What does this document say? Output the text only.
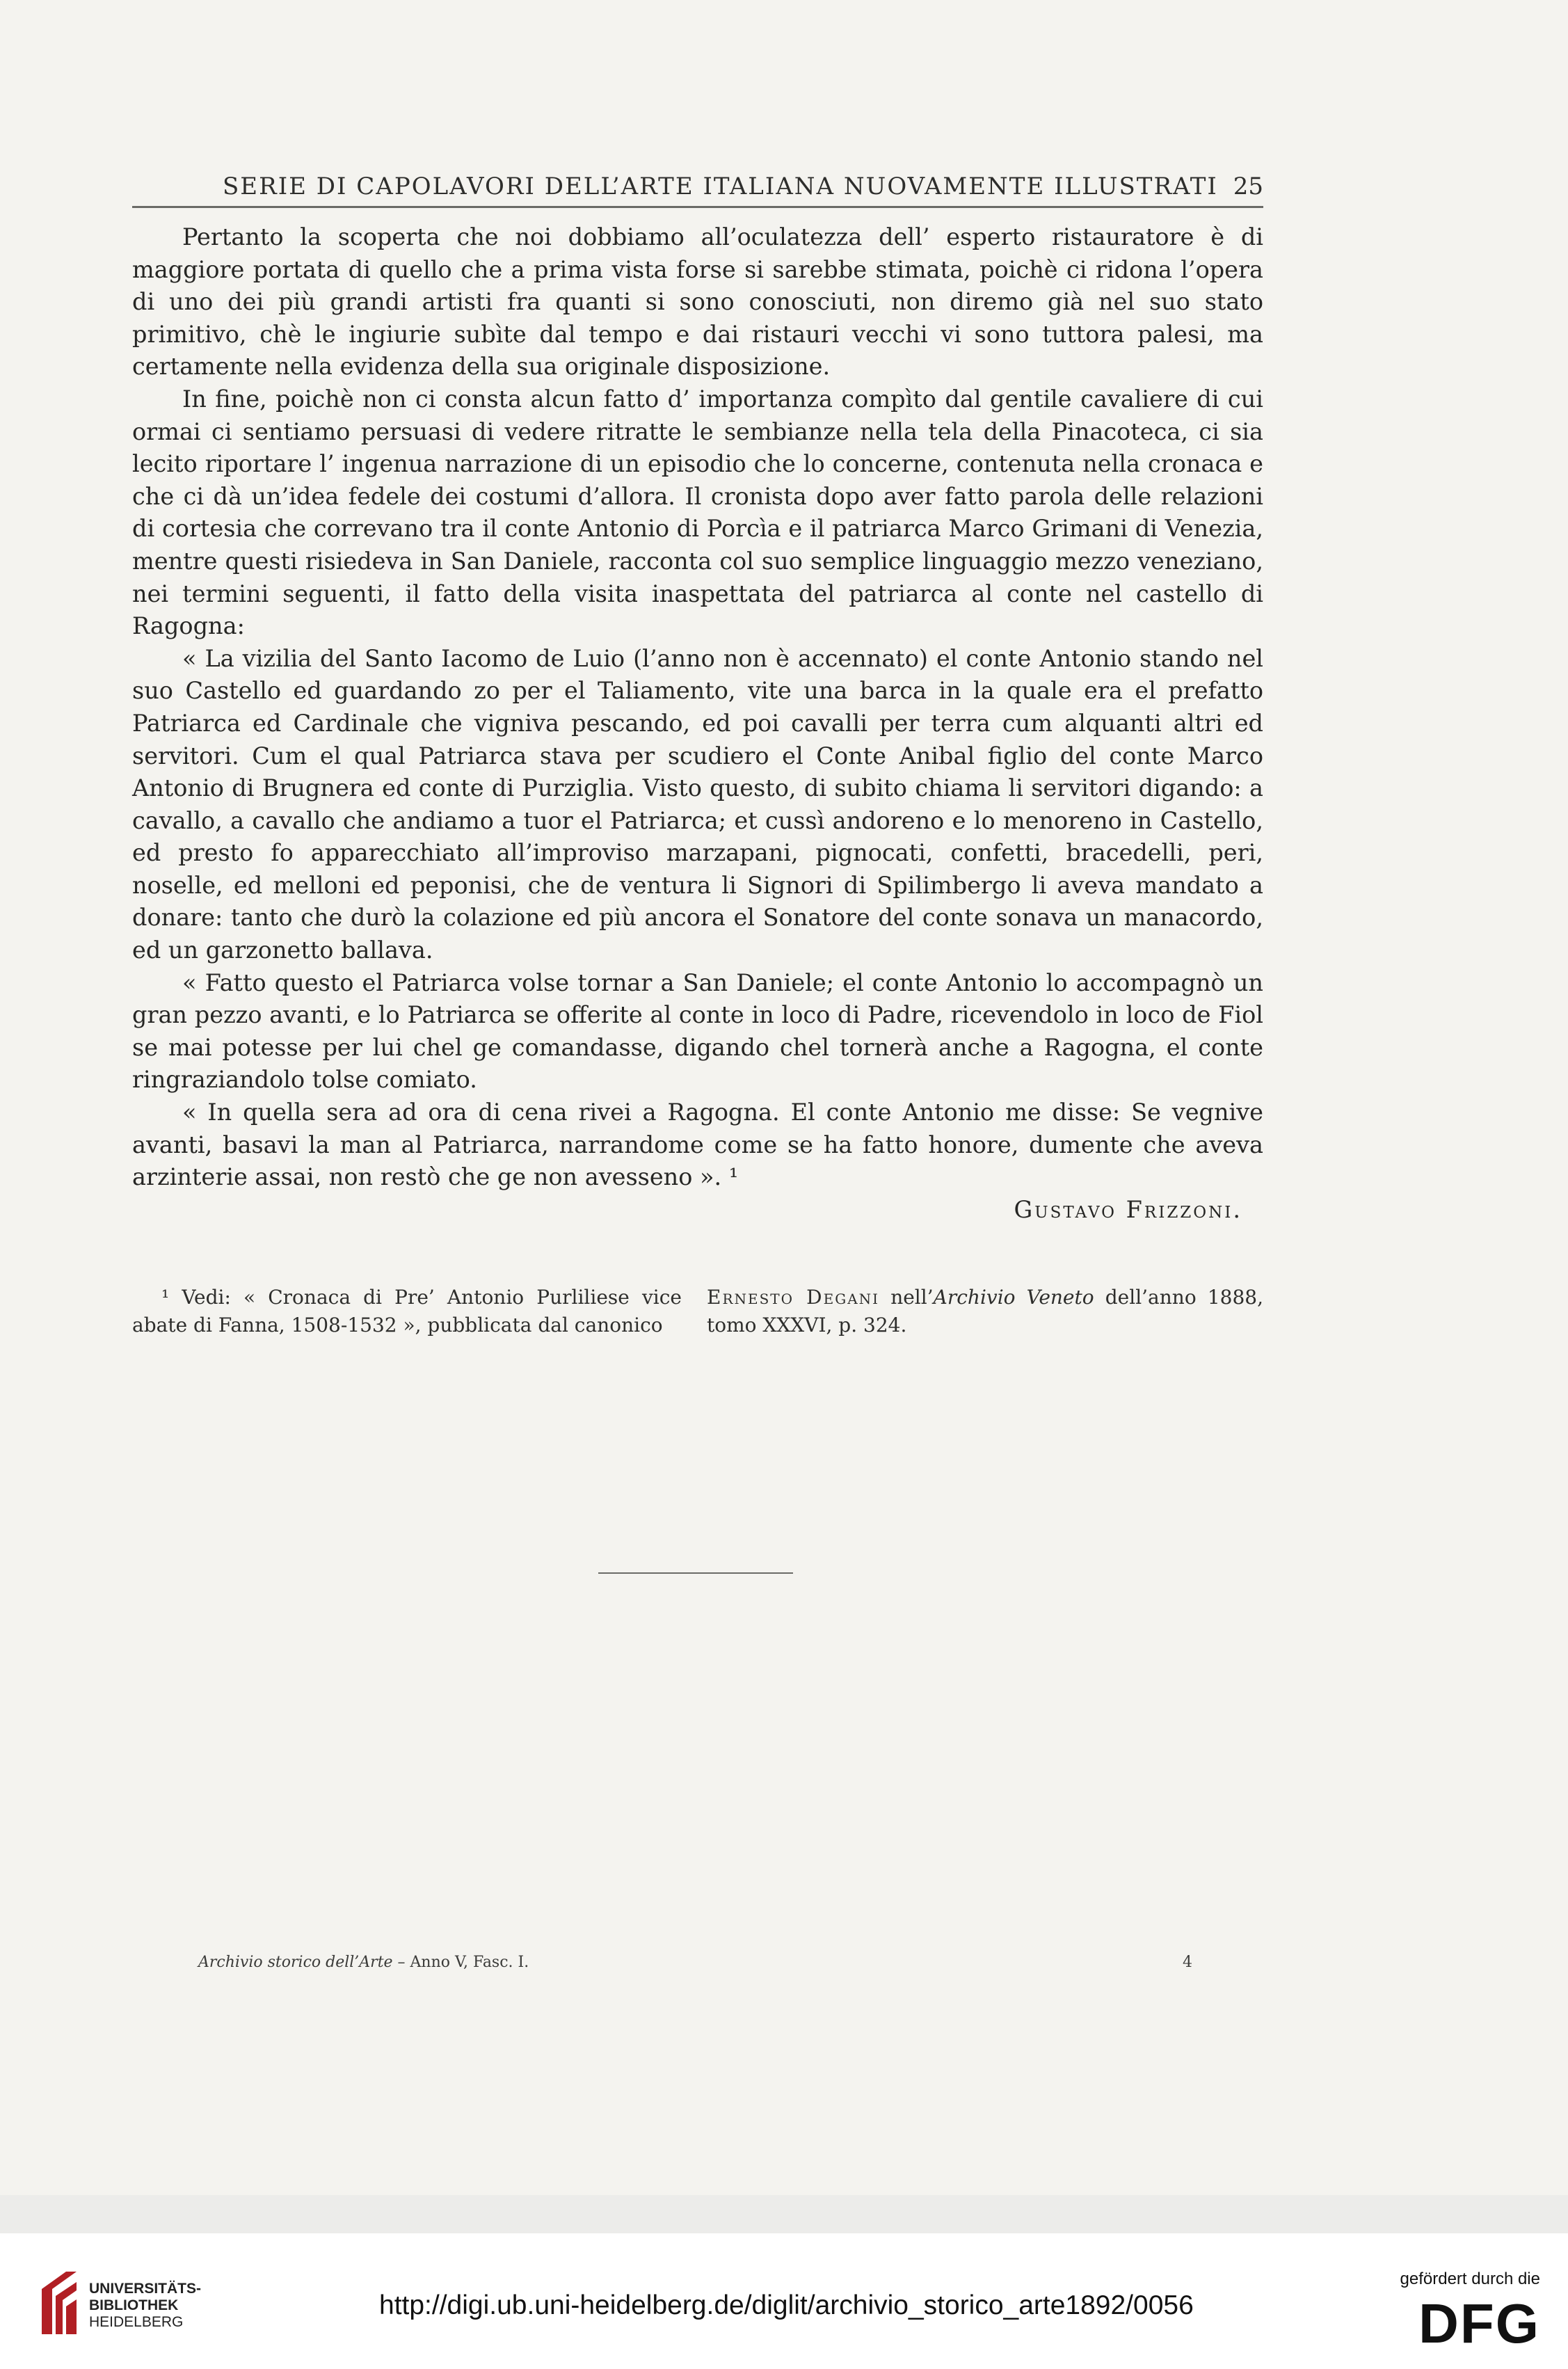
SERIE DI CAPOLAVORI DELL’ARTE ITALIANA NUOVAMENTE ILLUSTRATI 25

Pertanto la scoperta che noi dobbiamo all’oculatezza dell’ esperto ristauratore è di maggiore portata di quello che a prima vista forse si sarebbe stimata, poichè ci ridona l’opera di uno dei più grandi artisti fra quanti si sono conosciuti, non diremo già nel suo stato primitivo, chè le ingiurie subìte dal tempo e dai ristauri vecchi vi sono tuttora palesi, ma certamente nella evidenza della sua originale disposizione.

In fine, poichè non ci consta alcun fatto d’ importanza compìto dal gentile cavaliere di cui ormai ci sentiamo persuasi di vedere ritratte le sembianze nella tela della Pinacoteca, ci sia lecito riportare l’ ingenua narrazione di un episodio che lo concerne, contenuta nella cronaca e che ci dà un’idea fedele dei costumi d’allora. Il cronista dopo aver fatto parola delle relazioni di cortesia che correvano tra il conte Antonio di Porcìa e il patriarca Marco Grimani di Venezia, mentre questi risiedeva in San Daniele, racconta col suo semplice linguaggio mezzo veneziano, nei termini seguenti, il fatto della visita inaspettata del patriarca al conte nel castello di Ragogna:

« La vizilia del Santo Iacomo de Luio (l’anno non è accennato) el conte Antonio stando nel suo Castello ed guardando zo per el Taliamento, vite una barca in la quale era el prefatto Patriarca ed Cardinale che vigniva pescando, ed poi cavalli per terra cum alquanti altri ed servitori. Cum el qual Patriarca stava per scudiero el Conte Anibal figlio del conte Marco Antonio di Brugnera ed conte di Purziglia. Visto questo, di subito chiama li servitori digando: a cavallo, a cavallo che andiamo a tuor el Patriarca; et cussì andoreno e lo menoreno in Castello, ed presto fo apparecchiato all’improviso marzapani, pignocati, confetti, bracedelli, peri, noselle, ed melloni ed peponisi, che de ventura li Signori di Spilimbergo li aveva mandato a donare: tanto che durò la colazione ed più ancora el Sonatore del conte sonava un manacordo, ed un garzonetto ballava.

« Fatto questo el Patriarca volse tornar a San Daniele; el conte Antonio lo accompagnò un gran pezzo avanti, e lo Patriarca se offerite al conte in loco di Padre, ricevendolo in loco de Fiol se mai potesse per lui chel ge comandasse, digando chel tornerà anche a Ragogna, el conte ringraziandolo tolse comiato.

« In quella sera ad ora di cena rivei a Ragogna. El conte Antonio me disse: Se vegnive avanti, basavi la man al Patriarca, narrandome come se ha fatto honore, dumente che aveva arzinterie assai, non restò che ge non avesseno ». ¹

Gustavo Frizzoni.
¹ Vedi: « Cronaca di Pre’ Antonio Purliliese vice abate di Fanna, 1508-1532 », pubblicata dal canonico
Ernesto Degani nell’Archivio Veneto dell’anno 1888, tomo XXXVI, p. 324.
Archivio storico dell’Arte – Anno V, Fasc. I.	4
UNIVERSITÄTS-
BIBLIOTHEK
HEIDELBERG
http://digi.ub.uni-heidelberg.de/diglit/archivio_storico_arte1892/0056
gefördert durch die
DFG
